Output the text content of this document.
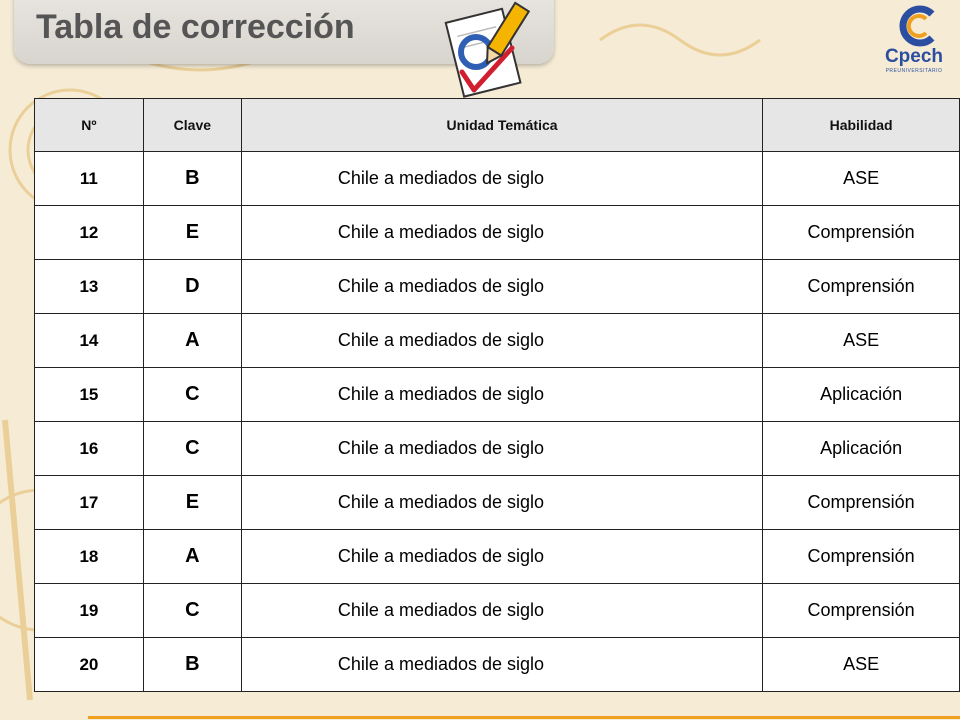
Tabla de corrección
Cpech
PREUNIVERSITARIO
Nº	Clave	Unidad Temática	Habilidad
11	B	Chile a mediados de siglo	ASE
12	E	Chile a mediados de siglo	Comprensión
13	D	Chile a mediados de siglo	Comprensión
14	A	Chile a mediados de siglo	ASE
15	C	Chile a mediados de siglo	Aplicación
16	C	Chile a mediados de siglo	Aplicación
17	E	Chile a mediados de siglo	Comprensión
18	A	Chile a mediados de siglo	Comprensión
19	C	Chile a mediados de siglo	Comprensión
20	B	Chile a mediados de siglo	ASE
